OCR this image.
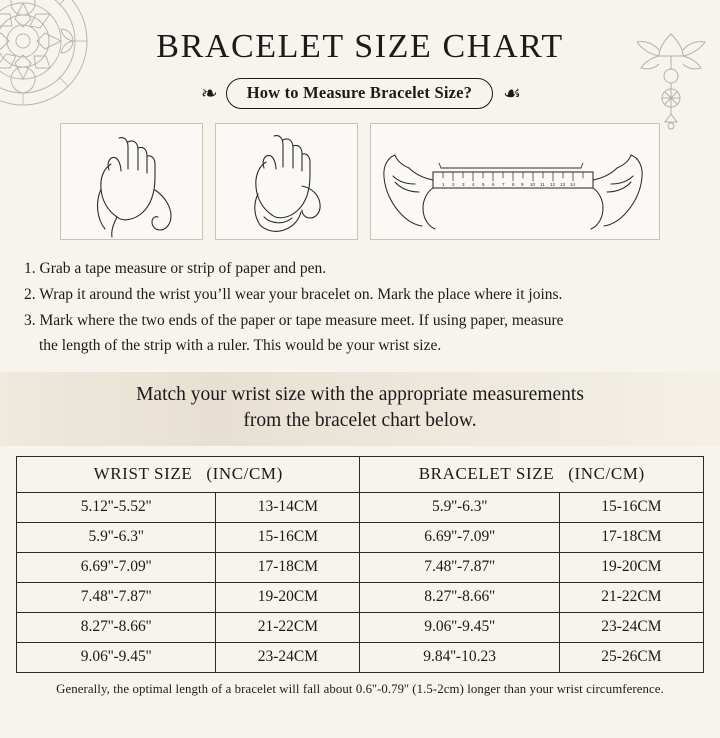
BRACELET SIZE CHART
❧	How to Measure Bracelet Size?	☙
1 2 3 4 5 6 7 8 9 10 11 12 13 14
1. Grab a tape measure or strip of paper and pen.
2. Wrap it around the wrist you’ll wear your bracelet on. Mark the place where it joins.
3. Mark where the two ends of the paper or tape measure meet. If using paper, measure
the length of the strip with a ruler. This would be your wrist size.
Match your wrist size with the appropriate measurements
from the bracelet chart below.
WRIST SIZE (INC/CM)		BRACELET SIZE (INC/CM)	
5.12''-5.52''	13-14CM	5.9''-6.3''	15-16CM
5.9''-6.3''	15-16CM	6.69''-7.09''	17-18CM
6.69''-7.09''	17-18CM	7.48''-7.87''	19-20CM
7.48''-7.87''	19-20CM	8.27''-8.66''	21-22CM
8.27''-8.66''	21-22CM	9.06''-9.45''	23-24CM
9.06''-9.45''	23-24CM	9.84''-10.23	25-26CM
Generally, the optimal length of a bracelet will fall about 0.6''-0.79'' (1.5-2cm) longer than your wrist circumference.
